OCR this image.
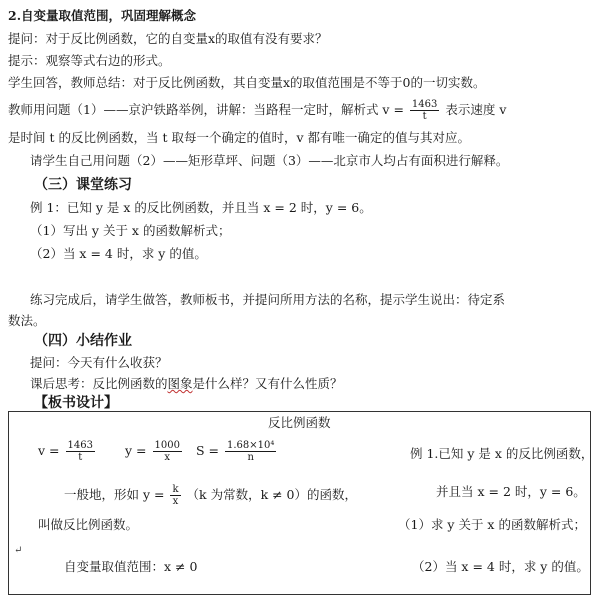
2.自变量取值范围，巩固理解概念
提问：对于反比例函数，它的自变量x的取值有没有要求？
提示：观察等式右边的形式。
学生回答，教师总结：对于反比例函数，其自变量x的取值范围是不等于0的一切实数。
教师用问题（1）——京沪铁路举例，讲解：当路程一定时，解析式 $v = \frac{1463}{t}$ 表示速度 v
是时间 t 的反比例函数，当 t 取每一个确定的值时，v 都有唯一确定的值与其对应。
请学生自己用问题（2）——矩形草坪、问题（3）——北京市人均占有面积进行解释。
（三）课堂练习
例 1：已知 y 是 x 的反比例函数，并且当 x = 2 时，y = 6。
（1）写出 y 关于 x 的函数解析式；
（2）当 x = 4 时，求 y 的值。
练习完成后，请学生做答，教师板书，并提问所用方法的名称，提示学生说出：待定系
数法。
（四）小结作业
提问：今天有什么收获？
课后思考：反比例函数的图象是什么样？又有什么性质？
【板书设计】
反比例函数
$v = \frac{1463}{t}$ $y = \frac{1000}{x}$ $S = \frac{\text{1.68×10⁴}}{n}$	例 1.已知 y 是 x 的反比例函数，
一般地，形如 $y = \frac{k}{x} (k$ 为常数，k ≠ 0）的函数，	并且当 x = 2 时，y = 6。
叫做反比例函数。	（1）求 y 关于 x 的函数解析式；
↵
自变量取值范围：x ≠ 0	（2）当 x = 4 时，求 y 的值。
